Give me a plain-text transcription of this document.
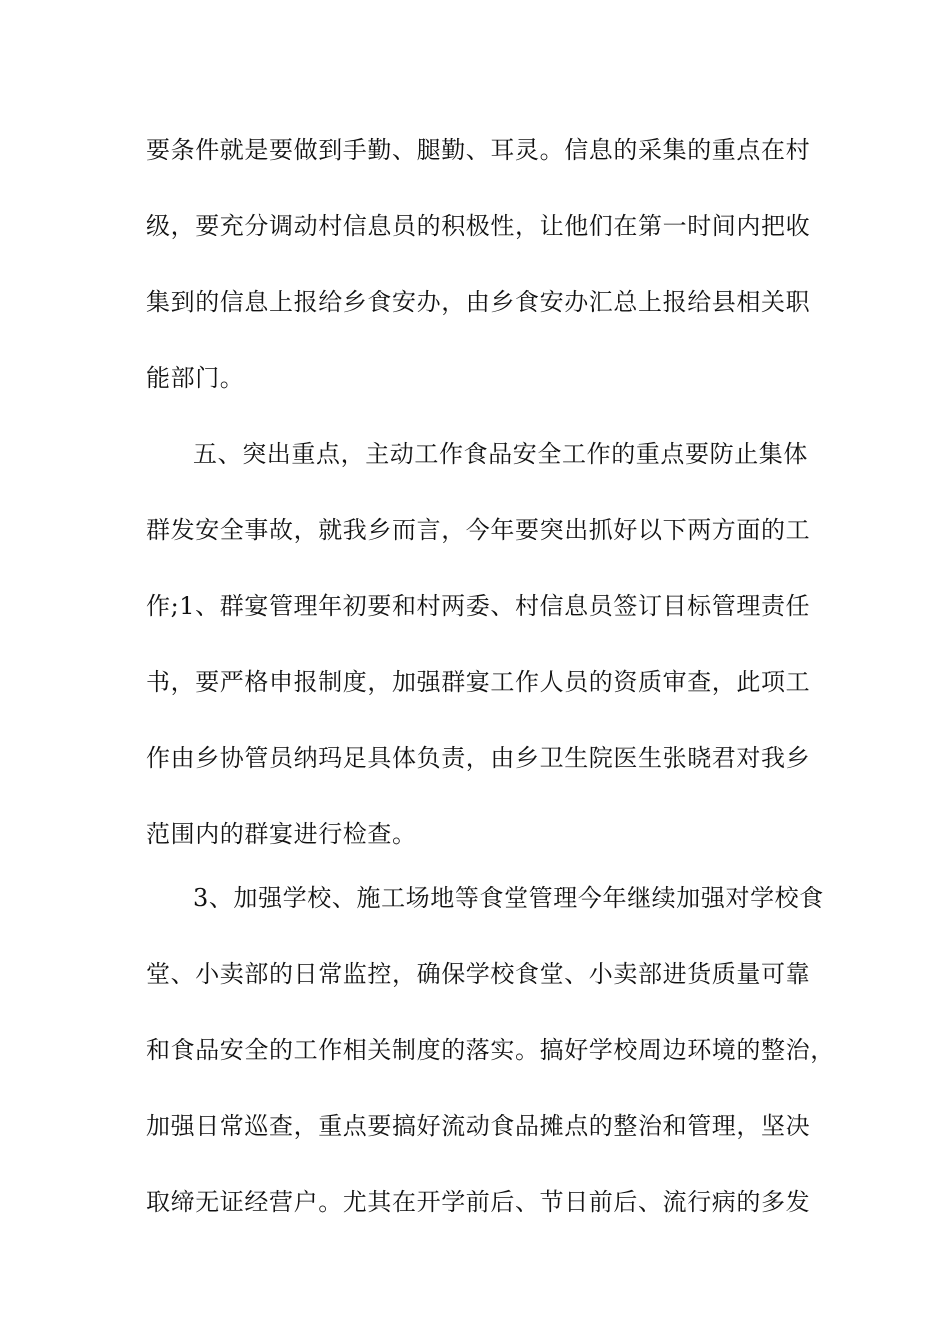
要条件就是要做到手勤、腿勤、耳灵。信息的采集的重点在村
级，要充分调动村信息员的积极性，让他们在第一时间内把收
集到的信息上报给乡食安办，由乡食安办汇总上报给县相关职
能部门。
五、突出重点，主动工作食品安全工作的重点要防止集体
群发安全事故，就我乡而言，今年要突出抓好以下两方面的工
作;1、群宴管理年初要和村两委、村信息员签订目标管理责任
书，要严格申报制度，加强群宴工作人员的资质审查，此项工
作由乡协管员纳玛足具体负责，由乡卫生院医生张晓君对我乡
范围内的群宴进行检查。
3、加强学校、施工场地等食堂管理今年继续加强对学校食
堂、小卖部的日常监控，确保学校食堂、小卖部进货质量可靠
和食品安全的工作相关制度的落实。搞好学校周边环境的整治，
加强日常巡查，重点要搞好流动食品摊点的整治和管理，坚决
取缔无证经营户。尤其在开学前后、节日前后、流行病的多发
